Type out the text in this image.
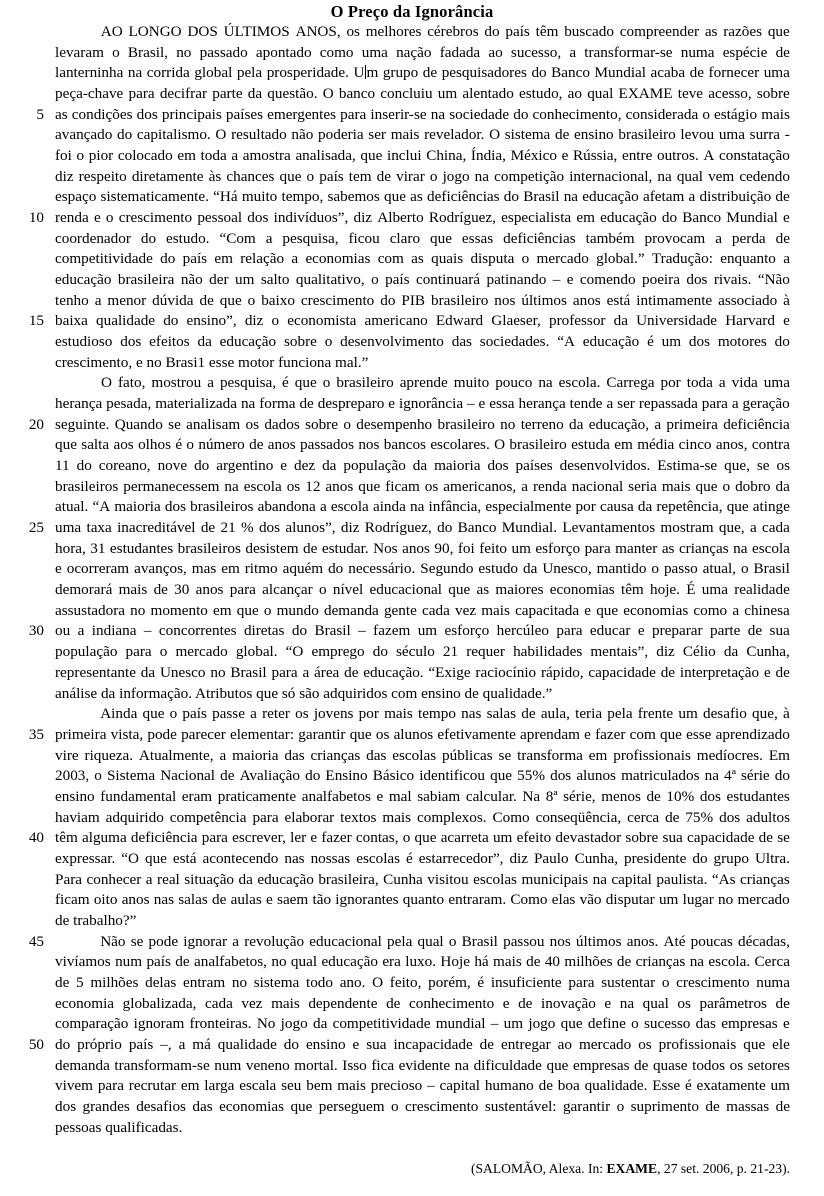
O Preço da Ignorância
AO LONGO DOS ÚLTIMOS ANOS, os melhores cérebros do país têm buscado compreender as razões que
levaram o Brasil, no passado apontado como uma nação fadada ao sucesso, a transformar-se numa espécie de
lanterninha na corrida global pela prosperidade. U m grupo de pesquisadores do Banco Mundial acaba de fornecer uma
peça-chave para decifrar parte da questão. O banco concluiu um alentado estudo, ao qual EXAME teve acesso, sobre
5 as condições dos principais países emergentes para inserir-se na sociedade do conhecimento, considerada o estágio mais
avançado do capitalismo. O resultado não poderia ser mais revelador. O sistema de ensino brasileiro levou uma surra -
foi o pior colocado em toda a amostra analisada, que inclui China, Índia, México e Rússia, entre outros. A constatação
diz respeito diretamente às chances que o país tem de virar o jogo na competição internacional, na qual vem cedendo
espaço sistematicamente. “Há muito tempo, sabemos que as deficiências do Brasil na educação afetam a distribuição de
10 renda e o crescimento pessoal dos indivíduos”, diz Alberto Rodríguez, especialista em educação do Banco Mundial e
coordenador do estudo. “Com a pesquisa, ficou claro que essas deficiências também provocam a perda de
competitividade do país em relação a economias com as quais disputa o mercado global.” Tradução: enquanto a
educação brasileira não der um salto qualitativo, o país continuará patinando – e comendo poeira dos rivais. “Não
tenho a menor dúvida de que o baixo crescimento do PIB brasileiro nos últimos anos está intimamente associado à
15 baixa qualidade do ensino”, diz o economista americano Edward Glaeser, professor da Universidade Harvard e
estudioso dos efeitos da educação sobre o desenvolvimento das sociedades. “A educação é um dos motores do
crescimento, e no Brasi1 esse motor funciona mal.”
O fato, mostrou a pesquisa, é que o brasileiro aprende muito pouco na escola. Carrega por toda a vida uma
herança pesada, materializada na forma de despreparo e ignorância – e essa herança tende a ser repassada para a geração
20 seguinte. Quando se analisam os dados sobre o desempenho brasileiro no terreno da educação, a primeira deficiência
que salta aos olhos é o número de anos passados nos bancos escolares. O brasileiro estuda em média cinco anos, contra
11 do coreano, nove do argentino e dez da população da maioria dos países desenvolvidos. Estima-se que, se os
brasileiros permanecessem na escola os 12 anos que ficam os americanos, a renda nacional seria mais que o dobro da
atual. “A maioria dos brasileiros abandona a escola ainda na infância, especialmente por causa da repetência, que atinge
25 uma taxa inacreditável de 21 % dos alunos”, diz Rodríguez, do Banco Mundial. Levantamentos mostram que, a cada
hora, 31 estudantes brasileiros desistem de estudar. Nos anos 90, foi feito um esforço para manter as crianças na escola
e ocorreram avanços, mas em ritmo aquém do necessário. Segundo estudo da Unesco, mantido o passo atual, o Brasil
demorará mais de 30 anos para alcançar o nível educacional que as maiores economias têm hoje. É uma realidade
assustadora no momento em que o mundo demanda gente cada vez mais capacitada e que economias como a chinesa
30 ou a indiana – concorrentes diretas do Brasil – fazem um esforço hercúleo para educar e preparar parte de sua
população para o mercado global. “O emprego do século 21 requer habilidades mentais”, diz Célio da Cunha,
representante da Unesco no Brasil para a área de educação. “Exige raciocínio rápido, capacidade de interpretação e de
análise da informação. Atributos que só são adquiridos com ensino de qualidade.”
Ainda que o país passe a reter os jovens por mais tempo nas salas de aula, teria pela frente um desafio que, à
35 primeira vista, pode parecer elementar: garantir que os alunos efetivamente aprendam e fazer com que esse aprendizado
vire riqueza. Atualmente, a maioria das crianças das escolas públicas se transforma em profissionais medíocres. Em
2003, o Sistema Nacional de Avaliação do Ensino Básico identificou que 55% dos alunos matriculados na 4ª série do
ensino fundamental eram praticamente analfabetos e mal sabiam calcular. Na 8ª série, menos de 10% dos estudantes
haviam adquirido competência para elaborar textos mais complexos. Como conseqüência, cerca de 75% dos adultos
40 têm alguma deficiência para escrever, ler e fazer contas, o que acarreta um efeito devastador sobre sua capacidade de se
expressar. “O que está acontecendo nas nossas escolas é estarrecedor”, diz Paulo Cunha, presidente do grupo Ultra.
Para conhecer a real situação da educação brasileira, Cunha visitou escolas municipais na capital paulista. “As crianças
ficam oito anos nas salas de aulas e saem tão ignorantes quanto entraram. Como elas vão disputar um lugar no mercado
de trabalho?”
45	Não se pode ignorar a revolução educacional pela qual o Brasil passou nos últimos anos. Até poucas décadas,
vivíamos num país de analfabetos, no qual educação era luxo. Hoje há mais de 40 milhões de crianças na escola. Cerca
de 5 milhões delas entram no sistema todo ano. O feito, porém, é insuficiente para sustentar o crescimento numa
economia globalizada, cada vez mais dependente de conhecimento e de inovação e na qual os parâmetros de
comparação ignoram fronteiras. No jogo da competitividade mundial – um jogo que define o sucesso das empresas e
50 do próprio país –, a má qualidade do ensino e sua incapacidade de entregar ao mercado os profissionais que ele
demanda transformam-se num veneno mortal. Isso fica evidente na dificuldade que empresas de quase todos os setores
vivem para recrutar em larga escala seu bem mais precioso – capital humano de boa qualidade. Esse é exatamente um
dos grandes desafios das economias que perseguem o crescimento sustentável: garantir o suprimento de massas de
pessoas qualificadas.

(SALOMÃO, Alexa. In: EXAME, 27 set. 2006, p. 21-23).
